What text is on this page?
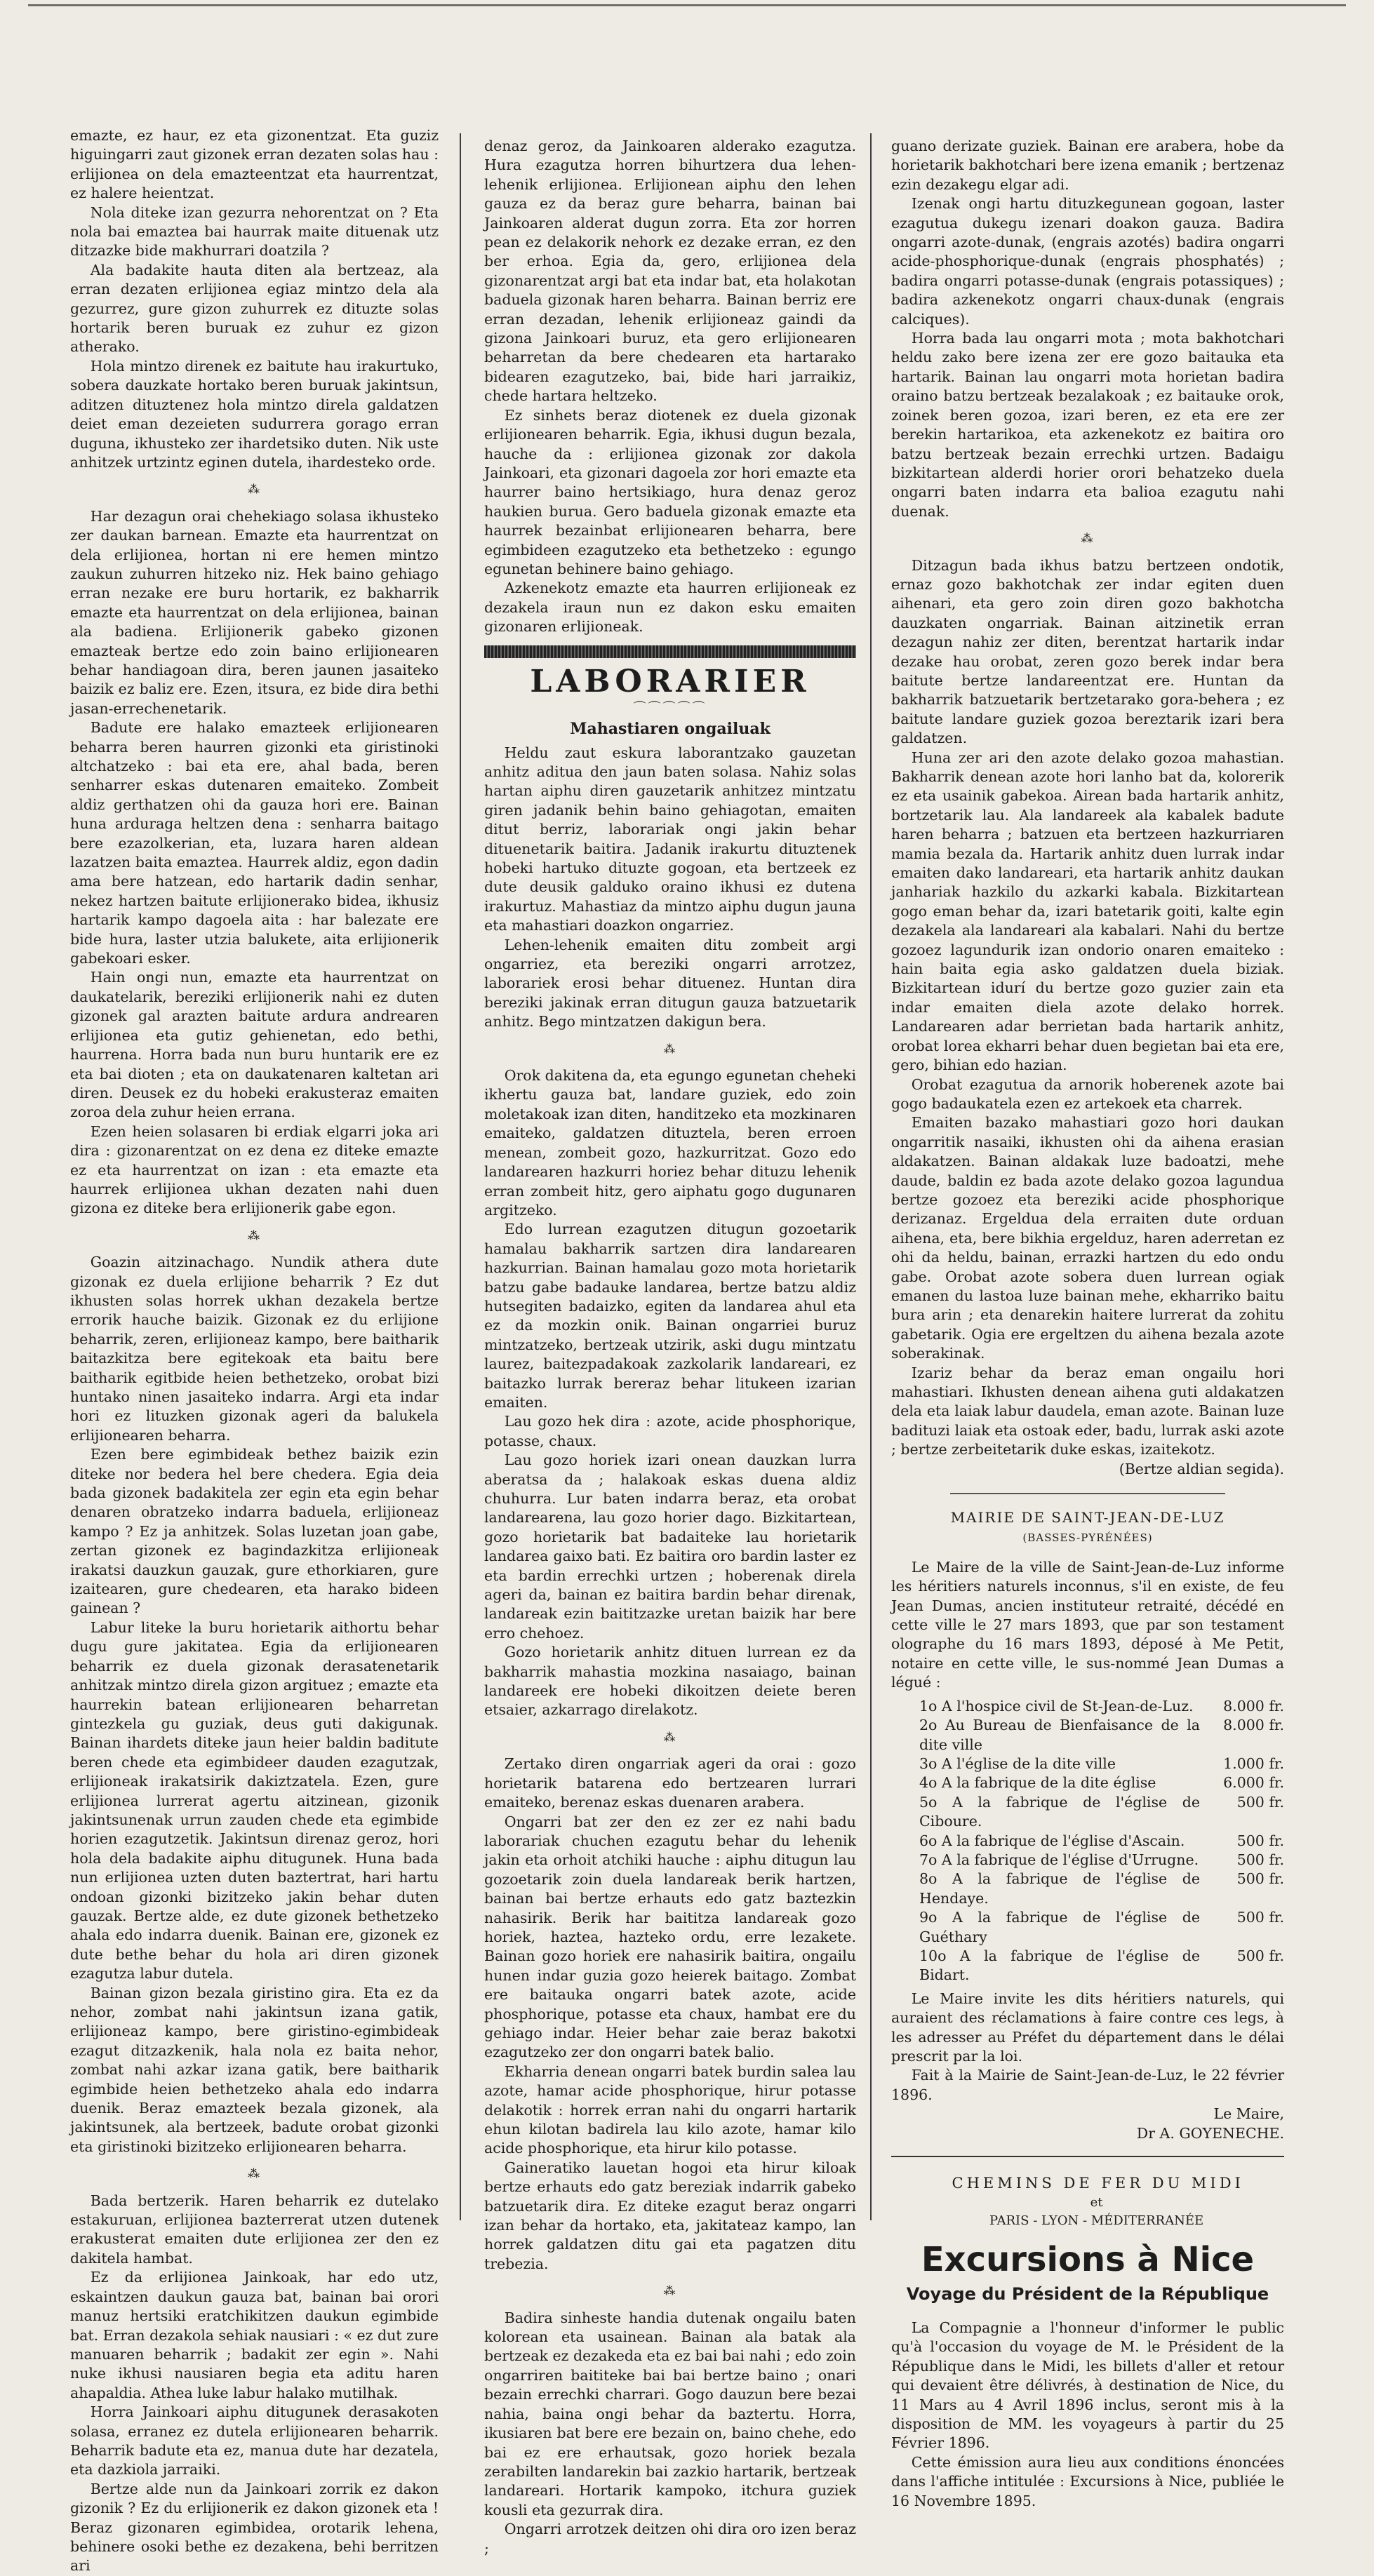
emazte, ez haur, ez eta gizonentzat. Eta guziz higuingarri zaut gizonek erran dezaten solas hau : erlijionea on dela emazteentzat eta haurrentzat, ez halere heientzat.

Nola diteke izan gezurra nehorentzat on ? Eta nola bai emaztea bai haurrak maite dituenak utz ditzazke bide makhurrari doatzila ?

Ala badakite hauta diten ala bertzeaz, ala erran dezaten erlijionea egiaz mintzo dela ala gezurrez, gure gizon zuhurrek ez dituzte solas hortarik beren buruak ez zuhur ez gizon atherako.

Hola mintzo direnek ez baitute hau irakurtuko, sobera dauzkate hortako beren buruak jakintsun, aditzen dituztenez hola mintzo direla galdatzen deiet eman dezeieten sudurrera gorago erran duguna, ikhusteko zer ihardetsiko duten. Nik uste anhitzek urtzintz eginen dutela, ihardesteko orde.

⁂

Har dezagun orai chehekiago solasa ikhusteko zer daukan barnean. Emazte eta haurrentzat on dela erlijionea, hortan ni ere hemen mintzo zaukun zuhurren hitzeko niz. Hek baino gehiago erran nezake ere buru hortarik, ez bakharrik emazte eta haurrentzat on dela erlijionea, bainan ala badiena. Erlijionerik gabeko gizonen emazteak bertze edo zoin baino erlijionearen behar handiagoan dira, beren jaunen jasaiteko baizik ez baliz ere. Ezen, itsura, ez bide dira bethi jasan-errechenetarik.

Badute ere halako emazteek erlijionearen beharra beren haurren gizonki eta giristinoki altchatzeko : bai eta ere, ahal bada, beren senharrer eskas dutenaren emaiteko. Zombeit aldiz gerthatzen ohi da gauza hori ere. Bainan huna arduraga heltzen dena : senharra baitago bere ezazolkerian, eta, luzara haren aldean lazatzen baita emaztea. Haurrek aldiz, egon dadin ama bere hatzean, edo hartarik dadin senhar, nekez hartzen baitute erlijionerako bidea, ikhusiz hartarik kampo dagoela aita : har balezate ere bide hura, laster utzia balukete, aita erlijionerik gabekoari esker.

Hain ongi nun, emazte eta haurrentzat on daukatelarik, bereziki erlijionerik nahi ez duten gizonek gal arazten baitute ardura andrearen erlijionea eta gutiz gehienetan, edo bethi, haurrena. Horra bada nun buru huntarik ere ez eta bai dioten ; eta on daukatenaren kaltetan ari diren. Deusek ez du hobeki erakusteraz emaiten zoroa dela zuhur heien errana.

Ezen heien solasaren bi erdiak elgarri joka ari dira : gizonarentzat on ez dena ez diteke emazte ez eta haurrentzat on izan : eta emazte eta haurrek erlijionea ukhan dezaten nahi duen gizona ez diteke bera erlijionerik gabe egon.

⁂

Goazin aitzinachago. Nundik athera dute gizonak ez duela erlijione beharrik ? Ez dut ikhusten solas horrek ukhan dezakela bertze errorik hauche baizik. Gizonak ez du erlijione beharrik, zeren, erlijioneaz kampo, bere baitharik baitazkitza bere egitekoak eta baitu bere baitharik egitbide heien bethetzeko, orobat bizi huntako ninen jasaiteko indarra. Argi eta indar hori ez lituzken gizonak ageri da balukela erlijionearen beharra.

Ezen bere egimbideak bethez baizik ezin diteke nor bedera hel bere chedera. Egia deia bada gizonek badakitela zer egin eta egin behar denaren obratzeko indarra baduela, erlijioneaz kampo ? Ez ja anhitzek. Solas luzetan joan gabe, zertan gizonek ez bagindazkitza erlijioneak irakatsi dauzkun gauzak, gure ethorkiaren, gure izaitearen, gure chedearen, eta harako bideen gainean ?

Labur liteke la buru horietarik aithortu behar dugu gure jakitatea. Egia da erlijionearen beharrik ez duela gizonak derasatenetarik anhitzak mintzo direla gizon argituez ; emazte eta haurrekin batean erlijionearen beharretan gintezkela gu guziak, deus guti dakigunak. Bainan ihardets diteke jaun heier baldin baditute beren chede eta egimbideer dauden ezagutzak, erlijioneak irakatsirik dakiztzatela. Ezen, gure erlijionea lurrerat agertu aitzinean, gizonik jakintsunenak urrun zauden chede eta egimbide horien ezagutzetik. Jakintsun direnaz geroz, hori hola dela badakite aiphu ditugunek. Huna bada nun erlijionea uzten duten baztertrat, hari hartu ondoan gizonki bizitzeko jakin behar duten gauzak. Bertze alde, ez dute gizonek bethetzeko ahala edo indarra duenik. Bainan ere, gizonek ez dute bethe behar du hola ari diren gizonek ezagutza labur dutela.

Bainan gizon bezala giristino gira. Eta ez da nehor, zombat nahi jakintsun izana gatik, erlijioneaz kampo, bere giristino-egimbideak ezagut ditzazkenik, hala nola ez baita nehor, zombat nahi azkar izana gatik, bere baitharik egimbide heien bethetzeko ahala edo indarra duenik. Beraz emazteek bezala gizonek, ala jakintsunek, ala bertzeek, badute orobat gizonki eta giristinoki bizitzeko erlijionearen beharra.

⁂

Bada bertzerik. Haren beharrik ez dutelako estakuruan, erlijionea bazterrerat utzen dutenek erakusterat emaiten dute erlijionea zer den ez dakitela hambat.

Ez da erlijionea Jainkoak, har edo utz, eskaintzen daukun gauza bat, bainan bai orori manuz hertsiki eratchikitzen daukun egimbide bat. Erran dezakola sehiak nausiari : « ez dut zure manuaren beharrik ; badakit zer egin ». Nahi nuke ikhusi nausiaren begia eta aditu haren ahapaldia. Athea luke labur halako mutilhak.

Horra Jainkoari aiphu ditugunek derasakoten solasa, erranez ez dutela erlijionearen beharrik. Beharrik badute eta ez, manua dute har dezatela, eta dazkiola jarraiki.

Bertze alde nun da Jainkoari zorrik ez dakon gizonik ? Ez du erlijionerik ez dakon gizonek eta ! Beraz gizonaren egimbidea, orotarik lehena, behinere osoki bethe ez dezakena, behi berritzen ari

denaz geroz, da Jainkoaren alderako ezagutza. Hura ezagutza horren bihurtzera dua lehen-lehenik erlijionea. Erlijionean aiphu den lehen gauza ez da beraz gure beharra, bainan bai Jainkoaren alderat dugun zorra. Eta zor horren pean ez delakorik nehork ez dezake erran, ez den ber erhoa. Egia da, gero, erlijionea dela gizonarentzat argi bat eta indar bat, eta holakotan baduela gizonak haren beharra. Bainan berriz ere erran dezadan, lehenik erlijioneaz gaindi da gizona Jainkoari buruz, eta gero erlijionearen beharretan da bere chedearen eta hartarako bidearen ezagutzeko, bai, bide hari jarraikiz, chede hartara heltzeko.

Ez sinhets beraz diotenek ez duela gizonak erlijionearen beharrik. Egia, ikhusi dugun bezala, hauche da : erlijionea gizonak zor dakola Jainkoari, eta gizonari dagoela zor hori emazte eta haurrer baino hertsikiago, hura denaz geroz haukien burua. Gero baduela gizonak emazte eta haurrek bezainbat erlijionearen beharra, bere egimbideen ezagutzeko eta bethetzeko : egungo egunetan behinere baino gehiago.

Azkenekotz emazte eta haurren erlijioneak ez dezakela iraun nun ez dakon esku emaiten gizonaren erlijioneak.

LABORARIER
⌒⌒⌒⌒⌒
Mahastiaren ongailuak

Heldu zaut eskura laborantzako gauzetan anhitz aditua den jaun baten solasa. Nahiz solas hartan aiphu diren gauzetarik anhitzez mintzatu giren jadanik behin baino gehiagotan, emaiten ditut berriz, laborariak ongi jakin behar dituenetarik baitira. Jadanik irakurtu dituztenek hobeki hartuko dituzte gogoan, eta bertzeek ez dute deusik galduko oraino ikhusi ez dutena irakurtuz. Mahastiaz da mintzo aiphu dugun jauna eta mahastiari doazkon ongarriez.

Lehen-lehenik emaiten ditu zombeit argi ongarriez, eta bereziki ongarri arrotzez, laborariek erosi behar dituenez. Huntan dira bereziki jakinak erran ditugun gauza batzuetarik anhitz. Bego mintzatzen dakigun bera.

⁂

Orok dakitena da, eta egungo egunetan cheheki ikhertu gauza bat, landare guziek, edo zoin moletakoak izan diten, handitzeko eta mozkinaren emaiteko, galdatzen dituztela, beren erroen menean, zombeit gozo, hazkurritzat. Gozo edo landarearen hazkurri horiez behar dituzu lehenik erran zombeit hitz, gero aiphatu gogo dugunaren argitzeko.

Edo lurrean ezagutzen ditugun gozoetarik hamalau bakharrik sartzen dira landarearen hazkurrian. Bainan hamalau gozo mota horietarik batzu gabe badauke landarea, bertze batzu aldiz hutsegiten badaizko, egiten da landarea ahul eta ez da mozkin onik. Bainan ongarriei buruz mintzatzeko, bertzeak utzirik, aski dugu mintzatu laurez, baitezpadakoak zazkolarik landareari, ez baitazko lurrak bereraz behar litukeen izarian emaiten.

Lau gozo hek dira : azote, acide phosphorique, potasse, chaux.

Lau gozo horiek izari onean dauzkan lurra aberatsa da ; halakoak eskas duena aldiz chuhurra. Lur baten indarra beraz, eta orobat landarearena, lau gozo horier dago. Bizkitartean, gozo horietarik bat badaiteke lau horietarik landarea gaixo bati. Ez baitira oro bardin laster ez eta bardin errechki urtzen ; hoberenak direla ageri da, bainan ez baitira bardin behar direnak, landareak ezin baititzazke uretan baizik har bere erro chehoez.

Gozo horietarik anhitz dituen lurrean ez da bakharrik mahastia mozkina nasaiago, bainan landareek ere hobeki dikoitzen deiete beren etsaier, azkarrago direlakotz.

⁂

Zertako diren ongarriak ageri da orai : gozo horietarik batarena edo bertzearen lurrari emaiteko, berenaz eskas duenaren arabera.

Ongarri bat zer den ez zer ez nahi badu laborariak chuchen ezagutu behar du lehenik jakin eta orhoit atchiki hauche : aiphu ditugun lau gozoetarik zoin duela landareak berik hartzen, bainan bai bertze erhauts edo gatz baztezkin nahasirik. Berik har baititza landareak gozo horiek, haztea, hazteko ordu, erre lezakete. Bainan gozo horiek ere nahasirik baitira, ongailu hunen indar guzia gozo heierek baitago. Zombat ere baitauka ongarri batek azote, acide phosphorique, potasse eta chaux, hambat ere du gehiago indar. Heier behar zaie beraz bakotxi ezagutzeko zer don ongarri batek balio.

Ekharria denean ongarri batek burdin salea lau azote, hamar acide phosphorique, hirur potasse delakotik : horrek erran nahi du ongarri hartarik ehun kilotan badirela lau kilo azote, hamar kilo acide phosphorique, eta hirur kilo potasse.

Gaineratiko lauetan hogoi eta hirur kiloak bertze erhauts edo gatz bereziak indarrik gabeko batzuetarik dira. Ez diteke ezagut beraz ongarri izan behar da hortako, eta, jakitateaz kampo, lan horrek galdatzen ditu gai eta pagatzen ditu trebezia.

⁂

Badira sinheste handia dutenak ongailu baten kolorean eta usainean. Bainan ala batak ala bertzeak ez dezakeda eta ez bai bai nahi ; edo zoin ongarriren baititeke bai bai bertze baino ; onari bezain errechki charrari. Gogo dauzun bere bezai nahia, baina ongi behar da baztertu. Horra, ikusiaren bat bere ere bezain on, baino chehe, edo bai ez ere erhautsak, gozo horiek bezala zerabilten landarekin bai zazkio hartarik, bertzeak landareari. Hortarik kampoko, itchura guziek kousli eta gezurrak dira.

Ongarri arrotzek deitzen ohi dira oro izen beraz ;

guano derizate guziek. Bainan ere arabera, hobe da horietarik bakhotchari bere izena emanik ; bertzenaz ezin dezakegu elgar adi.

Izenak ongi hartu dituzkegunean gogoan, laster ezagutua dukegu izenari doakon gauza. Badira ongarri azote-dunak, (engrais azotés) badira ongarri acide-phosphorique-dunak (engrais phosphatés) ; badira ongarri potasse-dunak (engrais potassiques) ; badira azkenekotz ongarri chaux-dunak (engrais calciques).

Horra bada lau ongarri mota ; mota bakhotchari heldu zako bere izena zer ere gozo baitauka eta hartarik. Bainan lau ongarri mota horietan badira oraino batzu bertzeak bezalakoak ; ez baitauke orok, zoinek beren gozoa, izari beren, ez eta ere zer berekin hartarikoa, eta azkenekotz ez baitira oro batzu bertzeak bezain errechki urtzen. Badaigu bizkitartean alderdi horier orori behatzeko duela ongarri baten indarra eta balioa ezagutu nahi duenak.

⁂

Ditzagun bada ikhus batzu bertzeen ondotik, ernaz gozo bakhotchak zer indar egiten duen aihenari, eta gero zoin diren gozo bakhotcha dauzkaten ongarriak. Bainan aitzinetik erran dezagun nahiz zer diten, berentzat hartarik indar dezake hau orobat, zeren gozo berek indar bera baitute bertze landareentzat ere. Huntan da bakharrik batzuetarik bertzetarako gora-behera ; ez baitute landare guziek gozoa bereztarik izari bera galdatzen.

Huna zer ari den azote delako gozoa mahastian. Bakharrik denean azote hori lanho bat da, kolorerik ez eta usainik gabekoa. Airean bada hartarik anhitz, bortzetarik lau. Ala landareek ala kabalek badute haren beharra ; batzuen eta bertzeen hazkurriaren mamia bezala da. Hartarik anhitz duen lurrak indar emaiten dako landareari, eta hartarik anhitz daukan janhariak hazkilo du azkarki kabala. Bizkitartean gogo eman behar da, izari batetarik goiti, kalte egin dezakela ala landareari ala kabalari. Nahi du bertze gozoez lagundurik izan ondorio onaren emaiteko : hain baita egia asko galdatzen duela biziak. Bizkitartean idurí du bertze gozo guzier zain eta indar emaiten diela azote delako horrek. Landarearen adar berrietan bada hartarik anhitz, orobat lorea ekharri behar duen begietan bai eta ere, gero, bihian edo hazian.

Orobat ezagutua da arnorik hoberenek azote bai gogo badaukatela ezen ez artekoek eta charrek.

Emaiten bazako mahastiari gozo hori daukan ongarritik nasaiki, ikhusten ohi da aihena erasian aldakatzen. Bainan aldakak luze badoatzi, mehe daude, baldin ez bada azote delako gozoa lagundua bertze gozoez eta bereziki acide phosphorique derizanaz. Ergeldua dela erraiten dute orduan aihena, eta, bere bikhia ergelduz, haren aderretan ez ohi da heldu, bainan, errazki hartzen du edo ondu gabe. Orobat azote sobera duen lurrean ogiak emanen du lastoa luze bainan mehe, ekharriko baitu bura arin ; eta denarekin haitere lurrerat da zohitu gabetarik. Ogia ere ergeltzen du aihena bezala azote soberakinak.

Izariz behar da beraz eman ongailu hori mahastiari. Ikhusten denean aihena guti aldakatzen dela eta laiak labur daudela, eman azote. Bainan luze badituzi laiak eta ostoak eder, badu, lurrak aski azote ; bertze zerbeitetarik duke eskas, izaitekotz.

(Bertze aldian segida).

MAIRIE DE SAINT-JEAN-DE-LUZ
(BASSES-PYRÉNÉES)

Le Maire de la ville de Saint-Jean-de-Luz informe les héritiers naturels inconnus, s'il en existe, de feu Jean Dumas, ancien instituteur retraité, décédé en cette ville le 27 mars 1893, que par son testament olographe du 16 mars 1893, déposé à Me Petit, notaire en cette ville, le sus-nommé Jean Dumas a légué :

1o A l'hospice civil de St-Jean-de-Luz.	8.000 fr.
2o Au Bureau de Bienfaisance de la dite ville
8.000 fr.
3o A l'église de la dite ville	1.000 fr.
4o A la fabrique de la dite église	6.000 fr.
5o A la fabrique de l'église de Ciboure.
500 fr.
6o A la fabrique de l'église d'Ascain.	500 fr.
7o A la fabrique de l'église d'Urrugne.	500 fr.
8o A la fabrique de l'église de Hendaye.
500 fr.
9o A la fabrique de l'église de Guéthary
500 fr.
10o A la fabrique de l'église de Bidart.
500 fr.

Le Maire invite les dits héritiers naturels, qui auraient des réclamations à faire contre ces legs, à les adresser au Préfet du département dans le délai prescrit par la loi.

Fait à la Mairie de Saint-Jean-de-Luz, le 22 février 1896.

Le Maire,

Dr A. GOYENECHE.

CHEMINS DE FER DU MIDI

et

PARIS - LYON - MÉDITERRANÉE

Excursions à Nice
Voyage du Président de la République

La Compagnie a l'honneur d'informer le public qu'à l'occasion du voyage de M. le Président de la République dans le Midi, les billets d'aller et retour qui devaient être délivrés, à destination de Nice, du 11 Mars au 4 Avril 1896 inclus, seront mis à la disposition de MM. les voyageurs à partir du 25 Février 1896.

Cette émission aura lieu aux conditions énoncées dans l'affiche intitulée : Excursions à Nice, publiée le 16 Novembre 1895.
